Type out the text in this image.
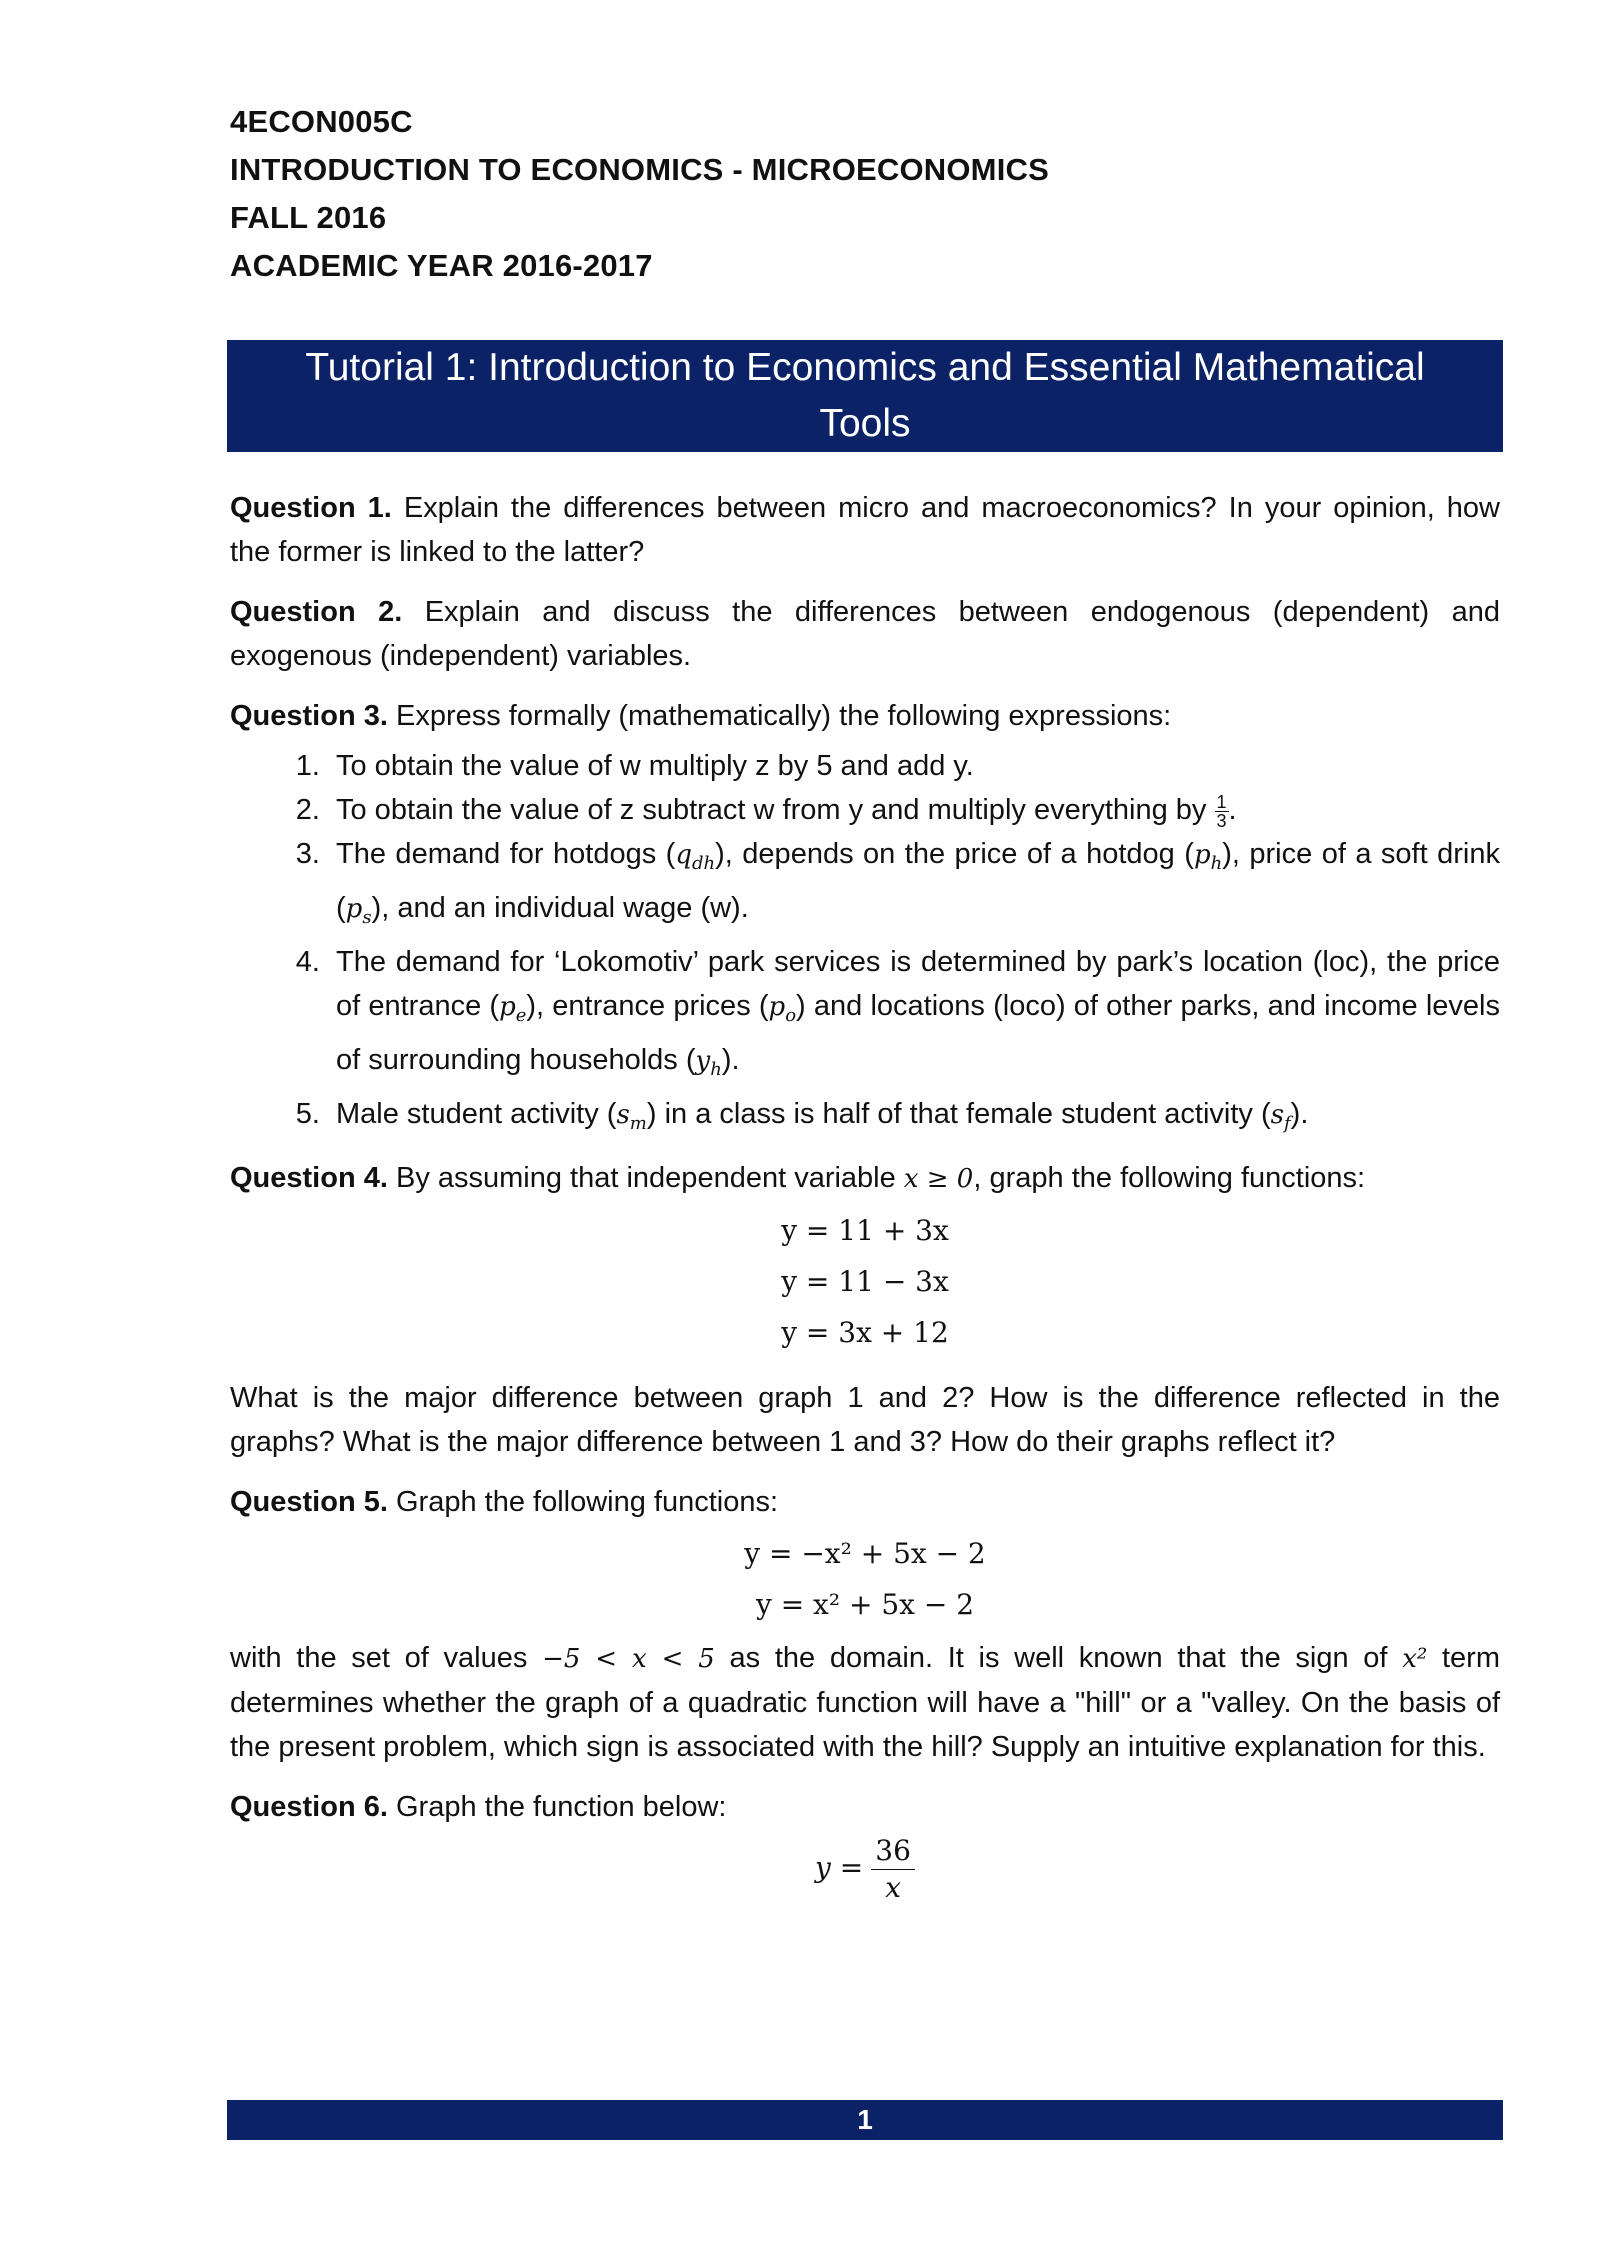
4ECON005C
INTRODUCTION TO ECONOMICS - MICROECONOMICS
FALL 2016
ACADEMIC YEAR 2016-2017
Tutorial 1: Introduction to Economics and Essential Mathematical
Tools

Question 1. Explain the differences between micro and macroeconomics? In your opinion, how the former is linked to the latter?

Question 2. Explain and discuss the differences between endogenous (dependent) and exogenous (independent) variables.

Question 3. Express formally (mathematically) the following expressions:

1. To obtain the value of w multiply z by 5 and add y.
2. To obtain the value of z subtract w from y and multiply everything by $\frac{1}{3}$ .
3. The demand for hotdogs $(q_{dh})$, depends on the price of a hotdog $(p_h)$, price of a soft drink $(p_s)$, and an individual wage (w).
4. The demand for ‘Lokomotiv’ park services is determined by park’s location (loc), the price of entrance $(p_e)$, entrance prices $(p_o)$ and locations (loco) of other parks, and income levels of surrounding households $(y_h)$.
5. Male student activity $(s_m)$ in a class is half of that female student activity $(s_f)$.

Question 4. By assuming that independent variable x ≥ 0, graph the following functions:

y = 11 + 3x
y = 11 − 3x
y = 3x + 12

What is the major difference between graph 1 and 2? How is the difference reflected in the graphs? What is the major difference between 1 and 3? How do their graphs reflect it?

Question 5. Graph the following functions:

y = −x² + 5x − 2
y = x² + 5x − 2

with the set of values −5 < x < 5 as the domain. It is well known that the sign of x² term determines whether the graph of a quadratic function will have a "hill" or a "valley. On the basis of the present problem, which sign is associated with the hill? Supply an intuitive explanation for this.

Question 6. Graph the function below:

$y = \frac{36}{x}$
1
